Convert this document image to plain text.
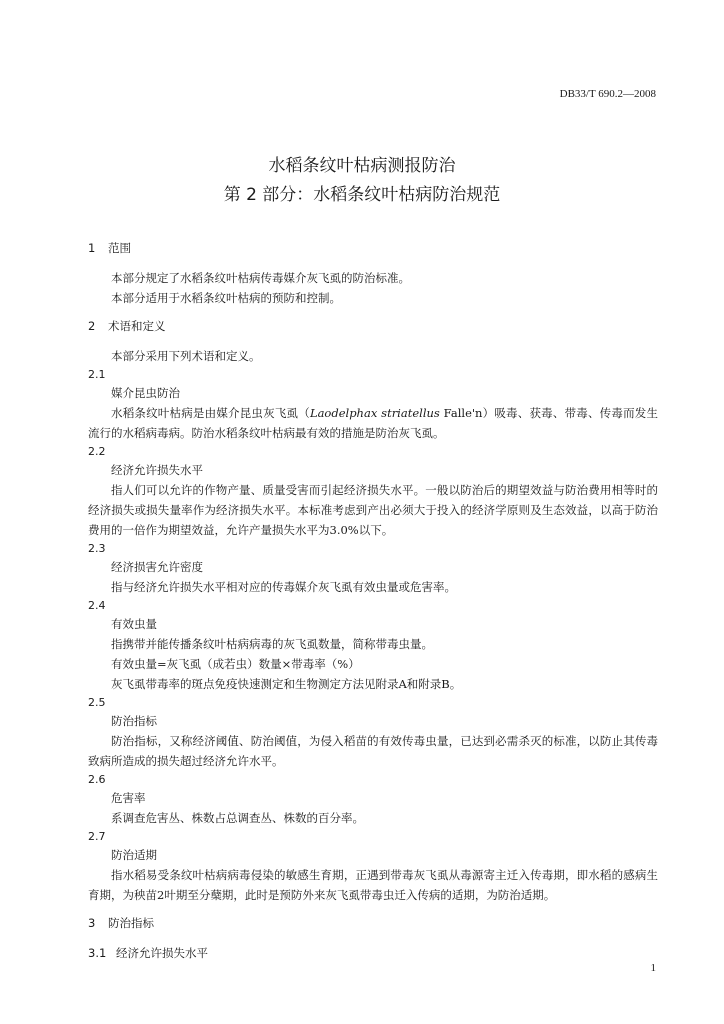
DB33/T 690.2—2008
水稻条纹叶枯病测报防治
第 2 部分：水稻条纹叶枯病防治规范
1 范围

本部分规定了水稻条纹叶枯病传毒媒介灰飞虱的防治标准。

本部分适用于水稻条纹叶枯病的预防和控制。

2 术语和定义

本部分采用下列术语和定义。

2.1
媒介昆虫防治

水稻条纹叶枯病是由媒介昆虫灰飞虱（Laodelphax striatellus Falle'n）吸毒、获毒、带毒、传毒而发生流行的水稻病毒病。防治水稻条纹叶枯病最有效的措施是防治灰飞虱。

2.2
经济允许损失水平

指人们可以允许的作物产量、质量受害而引起经济损失水平。一般以防治后的期望效益与防治费用相等时的经济损失或损失量率作为经济损失水平。本标准考虑到产出必须大于投入的经济学原则及生态效益，以高于防治费用的一倍作为期望效益，允许产量损失水平为3.0%以下。

2.3
经济损害允许密度

指与经济允许损失水平相对应的传毒媒介灰飞虱有效虫量或危害率。

2.4
有效虫量

指携带并能传播条纹叶枯病病毒的灰飞虱数量，简称带毒虫量。

有效虫量=灰飞虱（成若虫）数量×带毒率（%）

灰飞虱带毒率的斑点免疫快速测定和生物测定方法见附录A和附录B。

2.5
防治指标

防治指标，又称经济阈值、防治阈值，为侵入稻苗的有效传毒虫量，已达到必需杀灭的标准，以防止其传毒致病所造成的损失超过经济允许水平。

2.6
危害率

系调查危害丛、株数占总调查丛、株数的百分率。

2.7
防治适期

指水稻易受条纹叶枯病病毒侵染的敏感生育期，正遇到带毒灰飞虱从毒源寄主迁入传毒期，即水稻的感病生育期，为秧苗2叶期至分蘖期，此时是预防外来灰飞虱带毒虫迁入传病的适期，为防治适期。

3 防治指标
3.1 经济允许损失水平
1
